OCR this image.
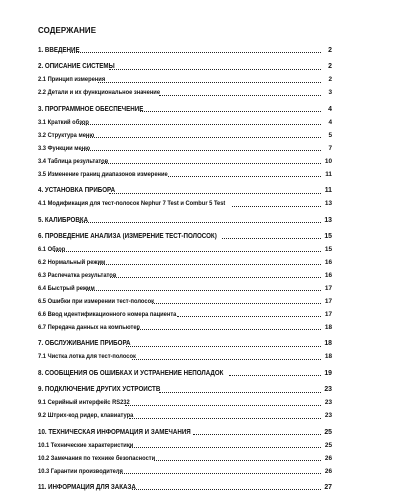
СОДЕРЖАНИЕ
1. ВВЕДЕНИЕ	2
2. ОПИСАНИЕ СИСТЕМЫ	2
2.1 Принцип измерения	2
2.2 Детали и их функциональное значение	3
3. ПРОГРАММНОЕ ОБЕСПЕЧЕНИЕ	4
3.1 Краткий обзор	4
3.2 Структура меню	5
3.3 Функции меню	7
3.4 Таблица результатов	10
3.5 Изменение границ диапазонов измерение	11
4. УСТАНОВКА ПРИБОРА	11
4.1 Модификация для тест-полосок Nephur 7 Test и Combur 5 Test	13
5. КАЛИБРОВКА	13
6. ПРОВЕДЕНИЕ АНАЛИЗА (ИЗМЕРЕНИЕ ТЕСТ-ПОЛОСОК)	15
6.1 Обзор	15
6.2 Нормальный режим	16
6.3 Распечатка результатов	16
6.4 Быстрый режим	17
6.5 Ошибки при измерении тест-полосок	17
6.6 Ввод идентификационного номера пациента	17
6.7 Передача данных на компьютер	18
7. ОБСЛУЖИВАНИЕ ПРИБОРА	18
7.1 Чистка лотка для тест-полосок	18
8. СООБЩЕНИЯ ОБ ОШИБКАХ И УСТРАНЕНИЕ НЕПОЛАДОК	19
9. ПОДКЛЮЧЕНИЕ ДРУГИХ УСТРОЙСТВ	23
9.1 Серийный интерфейс RS232	23
9.2 Штрих-код ридер, клавиатура	23
10. ТЕХНИЧЕСКАЯ ИНФОРМАЦИЯ И ЗАМЕЧАНИЯ	25
10.1 Технические характеристики	25
10.2 Замечания по технике безопасности	26
10.3 Гарантии производителя	26
11. ИНФОРМАЦИЯ ДЛЯ ЗАКАЗА	27
